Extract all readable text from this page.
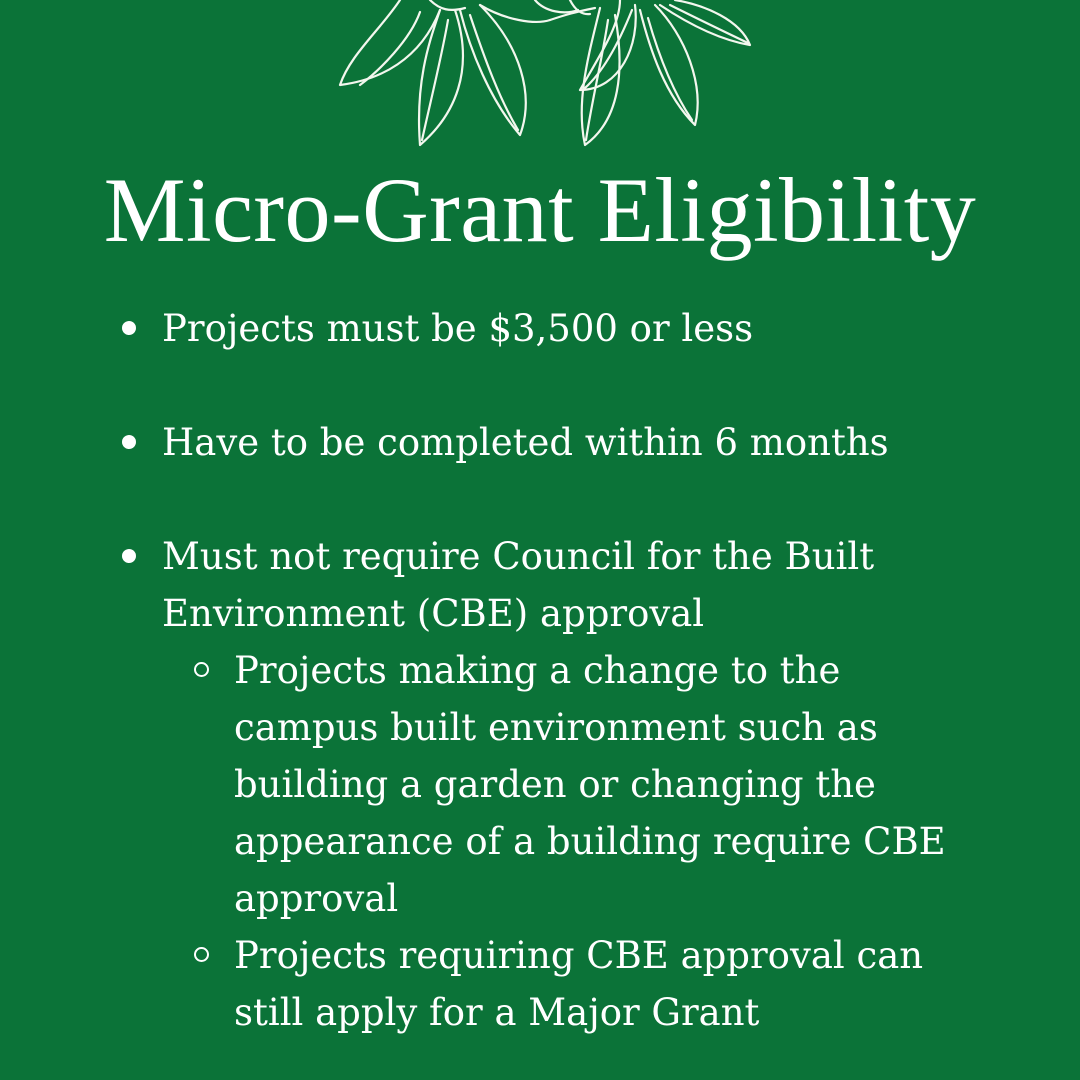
Micro-Grant Eligibility
Projects must be $3,500 or less
Have to be completed within 6 months
Must not require Council for the Built Environment (CBE) approval
Projects making a change to the campus built environment such as building a garden or changing the appearance of a building require CBE approval
Projects requiring CBE approval can still apply for a Major Grant
